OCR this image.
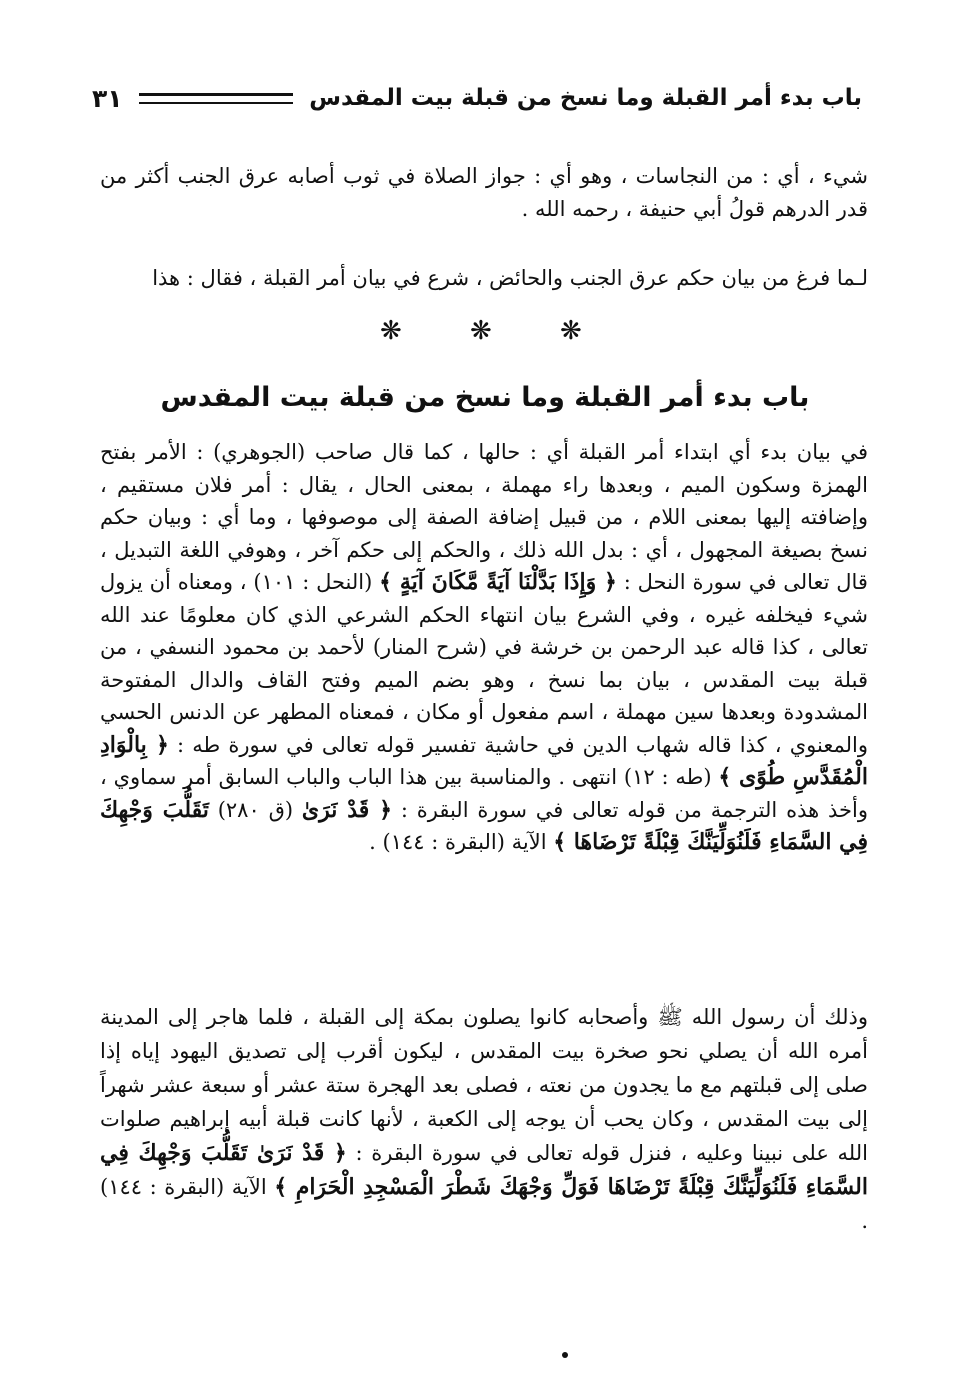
باب بدء أمر القبلة وما نسخ من قبلة بيت المقدس
٣١

شيء ، أي : من النجاسات ، وهو أي : جواز الصلاة في ثوب أصابه عرق الجنب أكثر من قدر الدرهم قولُ أبي حنيفة ، رحمه الله .

لـما فرغ من بيان حكم عرق الجنب والحائض ، شرع في بيان أمر القبلة ، فقال : هذا

❋	❋	❋
باب بدء أمر القبلة وما نسخ من قبلة بيت المقدس

في بيان بدء أي ابتداء أمر القبلة أي : حالها ، كما قال صاحب (الجوهري) : الأمر بفتح الهمزة وسكون الميم ، وبعدها راء مهملة ، بمعنى الحال ، يقال : أمر فلان مستقيم ، وإضافته إليها بمعنى اللام ، من قبيل إضافة الصفة إلى موصوفها ، وما أي : وبيان حكم نسخ بصيغة المجهول ، أي : بدل الله ذلك ، والحكم إلى حكم آخر ، وهوفي اللغة التبديل ، قال تعالى في سورة النحل : ﴿ وَإِذَا بَدَّلْنَا آيَةً مَّكَانَ آيَةٍ ﴾ (النحل : ١٠١) ، ومعناه أن يزول شيء فيخلفه غيره ، وفي الشرع بيان انتهاء الحكم الشرعي الذي كان معلومًا عند الله تعالى ، كذا قاله عبد الرحمن بن خرشة في (شرح المنار) لأحمد بن محمود النسفي ، من قبلة بيت المقدس ، بيان بما نسخ ، وهو بضم الميم وفتح القاف والدال المفتوحة المشدودة وبعدها سين مهملة ، اسم مفعول أو مكان ، فمعناه المطهر عن الدنس الحسي والمعنوي ، كذا قاله شهاب الدين في حاشية تفسير قوله تعالى في سورة طه : ﴿ بِالْوَادِ الْمُقَدَّسِ طُوًى ﴾ (طه : ١٢) انتهى . والمناسبة بين هذا الباب والباب السابق أمر سماوي ، وأخذ هذه الترجمة من قوله تعالى في سورة البقرة : ﴿ قَدْ نَرَىٰ (ق ٢٨٠) تَقَلُّبَ وَجْهِكَ فِي السَّمَاءِ فَلَنُوَلِّيَنَّكَ قِبْلَةً تَرْضَاهَا ﴾ الآية (البقرة : ١٤٤) .

وذلك أن رسول الله ﷺ وأصحابه كانوا يصلون بمكة إلى القبلة ، فلما هاجر إلى المدينة أمره الله أن يصلي نحو صخرة بيت المقدس ، ليكون أقرب إلى تصديق اليهود إياه إذا صلى إلى قبلتهم مع ما يجدون من نعته ، فصلى بعد الهجرة ستة عشر أو سبعة عشر شهراً إلى بيت المقدس ، وكان يحب أن يوجه إلى الكعبة ، لأنها كانت قبلة أبيه إبراهيم صلوات الله على نبينا وعليه ، فنزل قوله تعالى في سورة البقرة : ﴿ قَدْ نَرَىٰ تَقَلُّبَ وَجْهِكَ فِي السَّمَاءِ فَلَنُوَلِّيَنَّكَ قِبْلَةً تَرْضَاهَا فَوَلِّ وَجْهَكَ شَطْرَ الْمَسْجِدِ الْحَرَامِ ﴾ الآية (البقرة : ١٤٤) .
